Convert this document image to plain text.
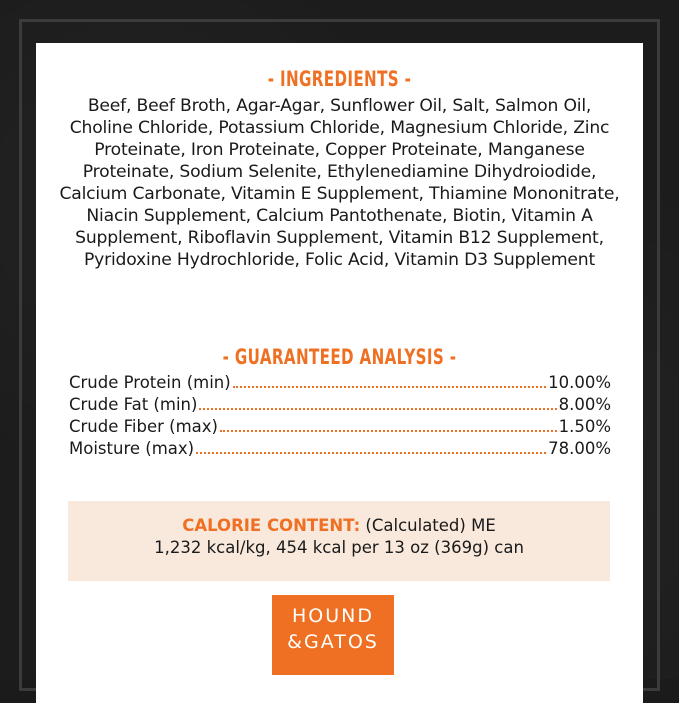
- INGREDIENTS -
Beef, Beef Broth, Agar-Agar, Sunflower Oil, Salt, Salmon Oil, Choline Chloride, Potassium Chloride, Magnesium Chloride, Zinc Proteinate, Iron Proteinate, Copper Proteinate, Manganese Proteinate, Sodium Selenite, Ethylenediamine Dihydroiodide, Calcium Carbonate, Vitamin E Supplement, Thiamine Mononitrate, Niacin Supplement, Calcium Pantothenate, Biotin, Vitamin A Supplement, Riboflavin Supplement, Vitamin B12 Supplement, Pyridoxine Hydrochloride, Folic Acid, Vitamin D3 Supplement
- GUARANTEED ANALYSIS -
Crude Protein (min)	10.00%
Crude Fat (min)	8.00%
Crude Fiber (max)	1.50%
Moisture (max)	78.00%
CALORIE CONTENT: (Calculated) ME
1,232 kcal/kg, 454 kcal per 13 oz (369g) can
HOUND
&GATOS
